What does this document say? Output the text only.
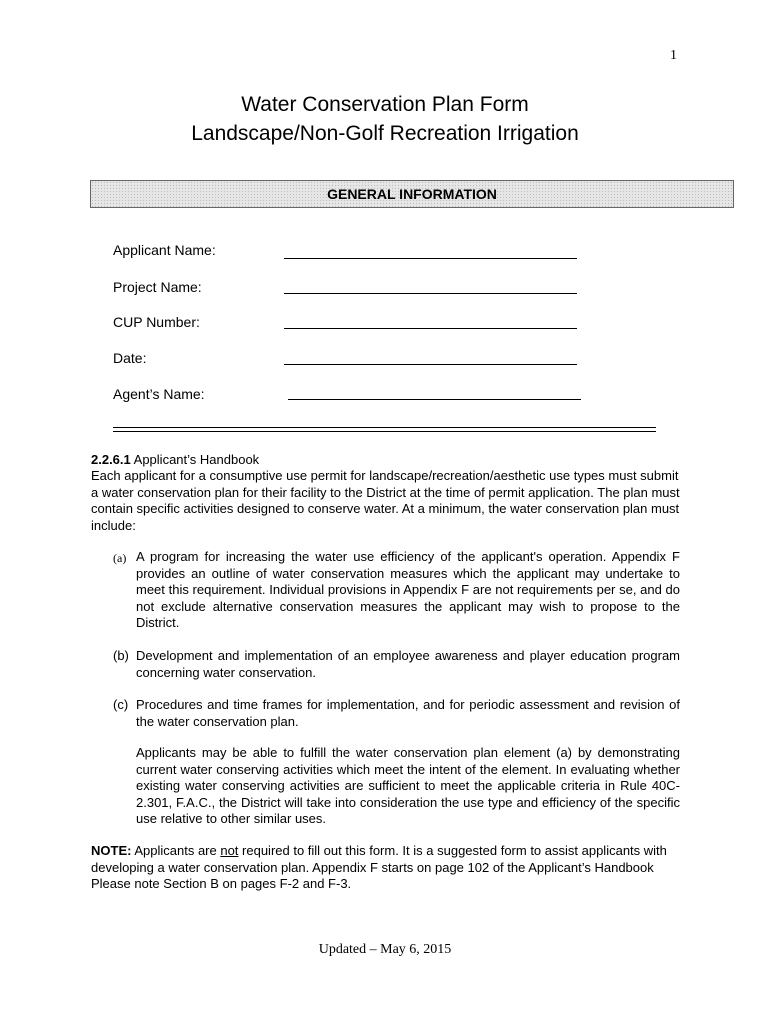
1
Water Conservation Plan Form
Landscape/Non-Golf Recreation Irrigation
GENERAL INFORMATION
Applicant Name:
Project Name:
CUP Number:
Date:
Agent’s Name:
2.2.6.1 Applicant’s Handbook
Each applicant for a consumptive use permit for landscape/recreation/aesthetic use types must submit a water conservation plan for their facility to the District at the time of permit application. The plan must contain specific activities designed to conserve water. At a minimum, the water conservation plan must include:
(a) A program for increasing the water use efficiency of the applicant's operation. Appendix F provides an outline of water conservation measures which the applicant may undertake to meet this requirement. Individual provisions in Appendix F are not requirements per se, and do not exclude alternative conservation measures the applicant may wish to propose to the District.
(b) Development and implementation of an employee awareness and player education program concerning water conservation.
(c) Procedures and time frames for implementation, and for periodic assessment and revision of the water conservation plan.
Applicants may be able to fulfill the water conservation plan element (a) by demonstrating current water conserving activities which meet the intent of the element. In evaluating whether existing water conserving activities are sufficient to meet the applicable criteria in Rule 40C-2.301, F.A.C., the District will take into consideration the use type and efficiency of the specific use relative to other similar uses.
NOTE: Applicants are not required to fill out this form. It is a suggested form to assist applicants with developing a water conservation plan. Appendix F starts on page 102 of the Applicant’s Handbook Please note Section B on pages F-2 and F-3.
Updated – May 6, 2015
